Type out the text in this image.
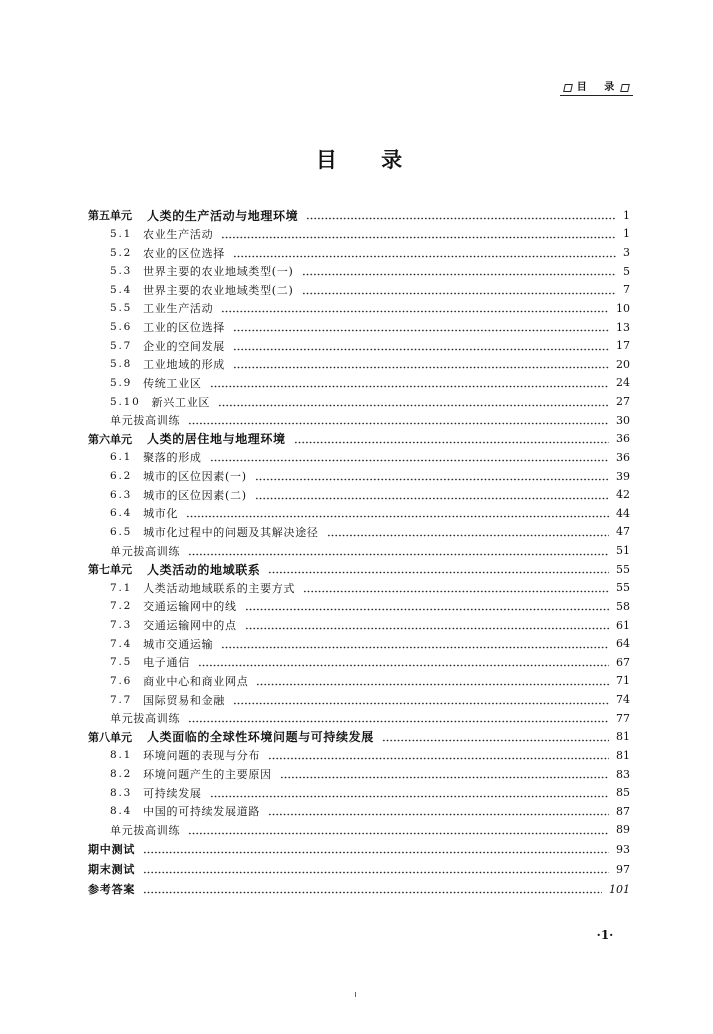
目 录
目 录
第五单元 人类的生产活动与地理环境	1
5.1 农业生产活动	1
5.2 农业的区位选择	3
5.3 世界主要的农业地域类型(一)	5
5.4 世界主要的农业地域类型(二)	7
5.5 工业生产活动	10
5.6 工业的区位选择	13
5.7 企业的空间发展	17
5.8 工业地域的形成	20
5.9 传统工业区	24
5.10 新兴工业区	27
单元拔高训练	30
第六单元 人类的居住地与地理环境	36
6.1 聚落的形成	36
6.2 城市的区位因素(一)	39
6.3 城市的区位因素(二)	42
6.4 城市化	44
6.5 城市化过程中的问题及其解决途径	47
单元拔高训练	51
第七单元 人类活动的地域联系	55
7.1 人类活动地域联系的主要方式	55
7.2 交通运输网中的线	58
7.3 交通运输网中的点	61
7.4 城市交通运输	64
7.5 电子通信	67
7.6 商业中心和商业网点	71
7.7 国际贸易和金融	74
单元拔高训练	77
第八单元 人类面临的全球性环境问题与可持续发展	81
8.1 环境问题的表现与分布	81
8.2 环境问题产生的主要原因	83
8.3 可持续发展	85
8.4 中国的可持续发展道路	87
单元拔高训练	89
期中测试	93
期末测试	97
参考答案	101
·1·
